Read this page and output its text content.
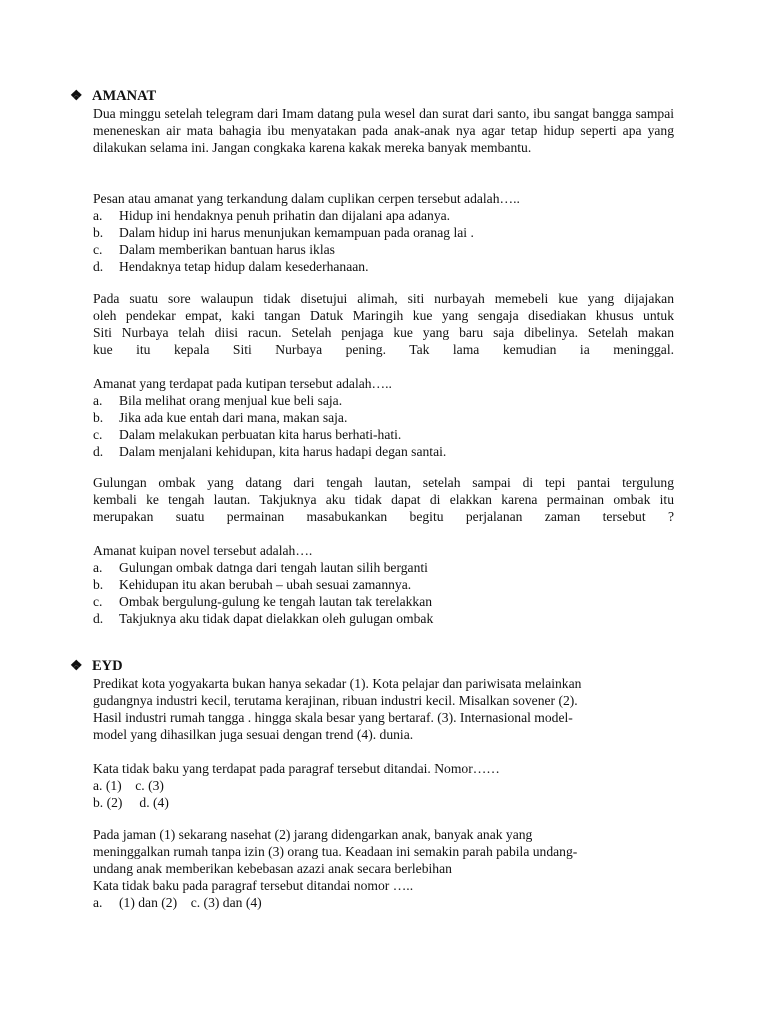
❖ AMANAT

Dua minggu setelah telegram dari Imam datang pula wesel dan surat dari santo, ibu sangat bangga sampai meneneskan air mata bahagia ibu menyatakan pada anak-anak nya agar tetap hidup seperti apa yang dilakukan selama ini. Jangan congkaka karena kakak mereka banyak membantu.

Pesan atau amanat yang terkandung dalam cuplikan cerpen tersebut adalah…..

a. Hidup ini hendaknya penuh prihatin dan dijalani apa adanya.

b. Dalam hidup ini harus menunjukan kemampuan pada oranag lai .

c. Dalam memberikan bantuan harus iklas

d. Hendaknya tetap hidup dalam kesederhanaan.

Pada suatu sore walaupun tidak disetujui alimah, siti nurbayah memebeli kue yang dijajakan

oleh pendekar empat, kaki tangan Datuk Maringih kue yang sengaja disediakan khusus untuk

Siti Nurbaya telah diisi racun. Setelah penjaga kue yang baru saja dibelinya. Setelah makan

kue itu kepala Siti Nurbaya pening. Tak lama kemudian ia meninggal.

Amanat yang terdapat pada kutipan tersebut adalah…..

a. Bila melihat orang menjual kue beli saja.

b. Jika ada kue entah dari mana, makan saja.

c. Dalam melakukan perbuatan kita harus berhati-hati.

d. Dalam menjalani kehidupan, kita harus hadapi degan santai.

Gulungan ombak yang datang dari tengah lautan, setelah sampai di tepi pantai tergulung

kembali ke tengah lautan. Takjuknya aku tidak dapat di elakkan karena permainan ombak itu

merupakan suatu permainan masabukankan begitu perjalanan zaman tersebut ?

Amanat kuipan novel tersebut adalah….

a. Gulungan ombak datnga dari tengah lautan silih berganti

b. Kehidupan itu akan berubah – ubah sesuai zamannya.

c. Ombak bergulung-gulung ke tengah lautan tak terelakkan

d. Takjuknya aku tidak dapat dielakkan oleh gulugan ombak

❖ EYD

Predikat kota yogyakarta bukan hanya sekadar (1). Kota pelajar dan pariwisata melainkan

gudangnya industri kecil, terutama kerajinan, ribuan industri kecil. Misalkan sovener (2).

Hasil industri rumah tangga . hingga skala besar yang bertaraf. (3). Internasional model-

model yang dihasilkan juga sesuai dengan trend (4). dunia.

Kata tidak baku yang terdapat pada paragraf tersebut ditandai. Nomor……

a. (1)    c. (3)

b. (2)     d. (4)

Pada jaman (1) sekarang nasehat (2) jarang didengarkan anak, banyak anak yang

meninggalkan rumah tanpa izin (3) orang tua. Keadaan ini semakin parah pabila undang-

undang anak memberikan kebebasan azazi anak secara berlebihan

Kata tidak baku pada paragraf tersebut ditandai nomor …..

a. (1) dan (2)    c. (3) dan (4)
